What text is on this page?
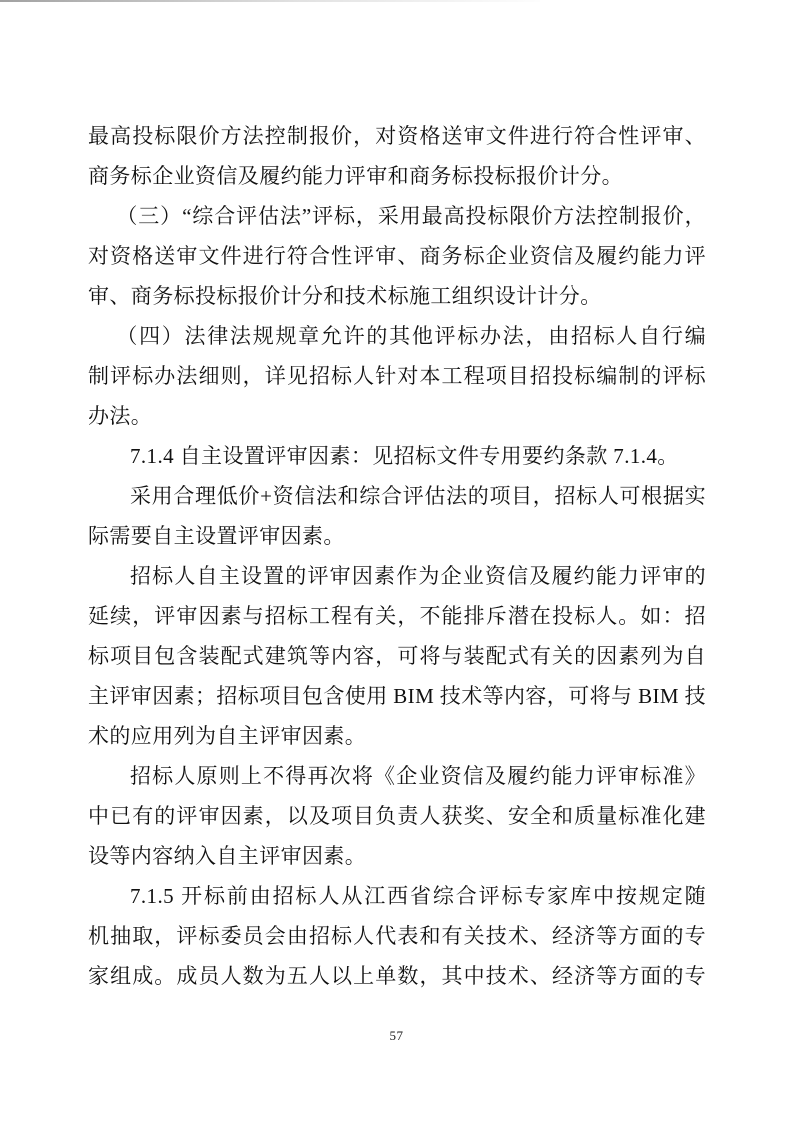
最高投标限价方法控制报价，对资格送审文件进行符合性评审、
商务标企业资信及履约能力评审和商务标投标报价计分。
（三）“综合评估法”评标，采用最高投标限价方法控制报价，
对资格送审文件进行符合性评审、商务标企业资信及履约能力评
审、商务标投标报价计分和技术标施工组织设计计分。
（四）法律法规规章允许的其他评标办法，由招标人自行编
制评标办法细则，详见招标人针对本工程项目招投标编制的评标
办法。
7.1.4 自主设置评审因素：见招标文件专用要约条款 7.1.4。
采用合理低价+资信法和综合评估法的项目，招标人可根据实
际需要自主设置评审因素。
招标人自主设置的评审因素作为企业资信及履约能力评审的
延续，评审因素与招标工程有关，不能排斥潜在投标人。如：招
标项目包含装配式建筑等内容，可将与装配式有关的因素列为自
主评审因素；招标项目包含使用 BIM 技术等内容，可将与 BIM 技
术的应用列为自主评审因素。
招标人原则上不得再次将《企业资信及履约能力评审标准》
中已有的评审因素，以及项目负责人获奖、安全和质量标准化建
设等内容纳入自主评审因素。
7.1.5 开标前由招标人从江西省综合评标专家库中按规定随
机抽取，评标委员会由招标人代表和有关技术、经济等方面的专
家组成。成员人数为五人以上单数，其中技术、经济等方面的专
57
